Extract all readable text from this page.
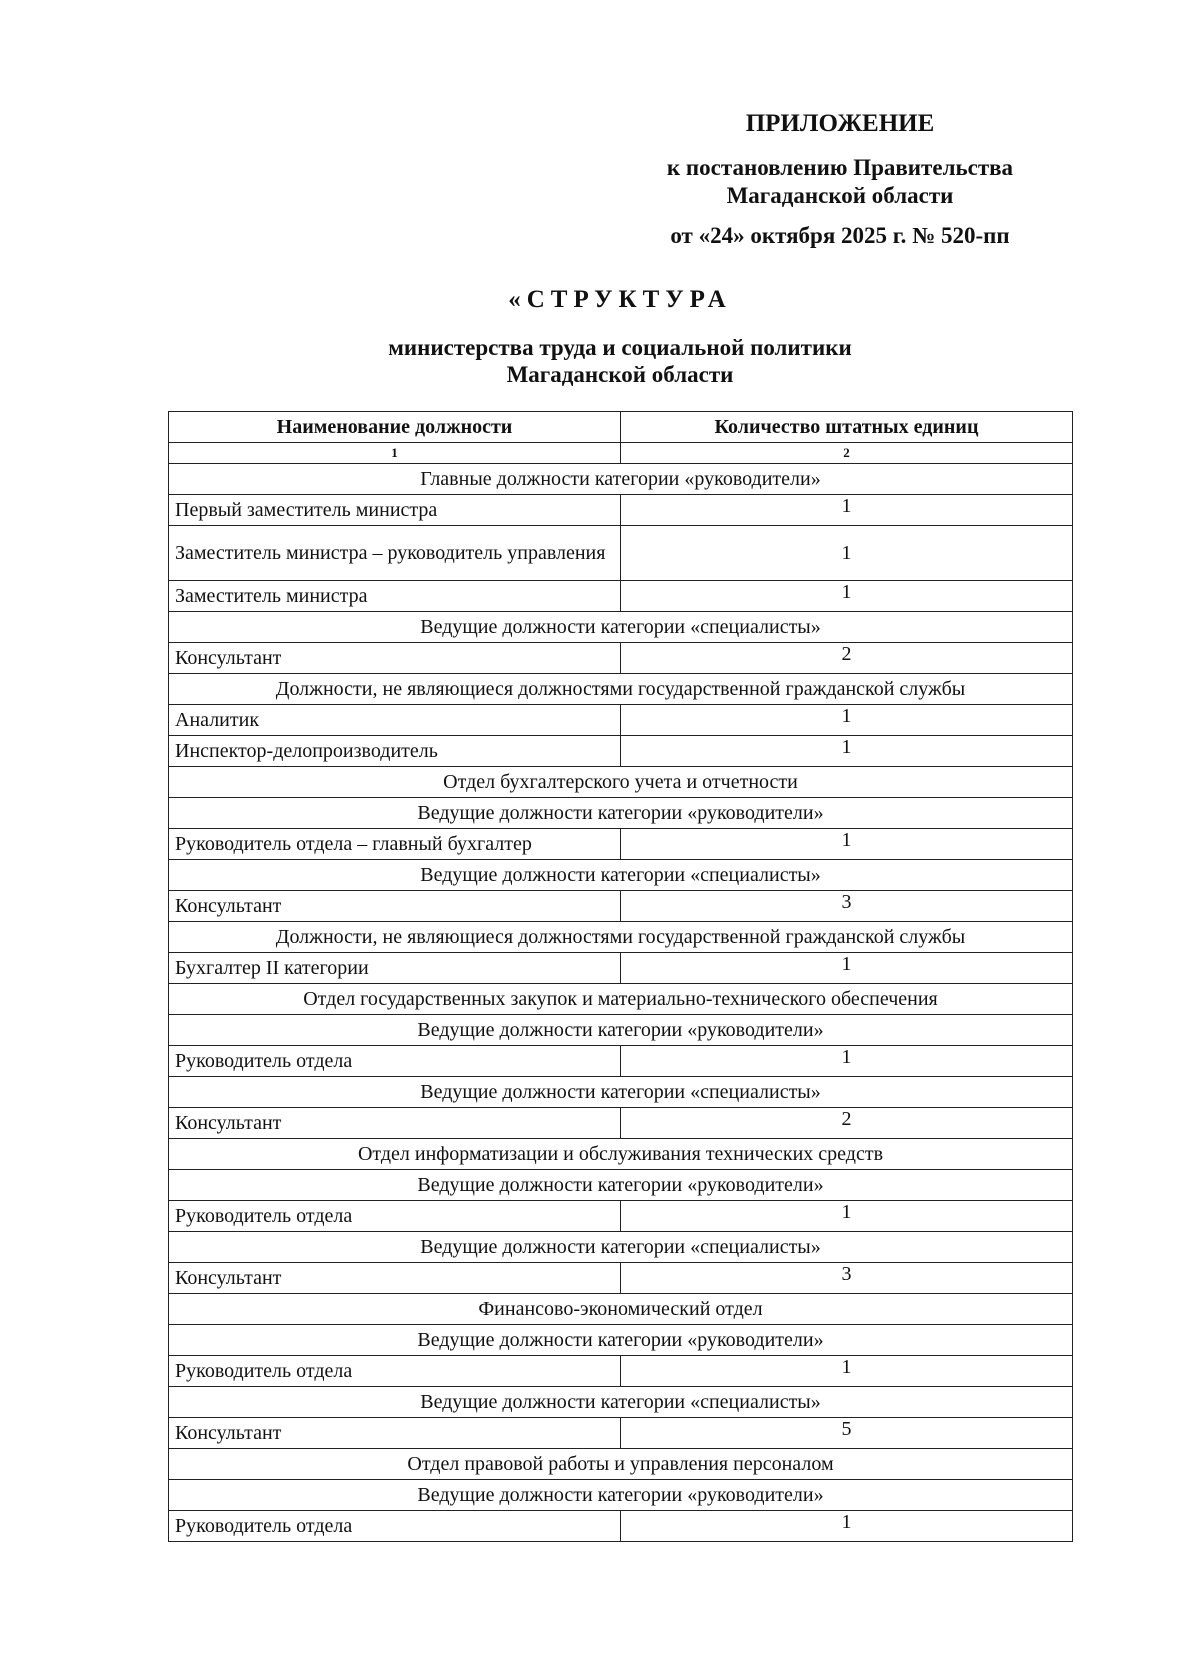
ПРИЛОЖЕНИЕ
к постановлению Правительства
Магаданской области
от «24» октября 2025 г. № 520-пп
«СТРУКТУРА
министерства труда и социальной политики
Магаданской области
Наименование должности	Количество штатных единиц
1	2
Главные должности категории «руководители»	
Первый заместитель министра	1
Заместитель министра – руководитель управления	1
Заместитель министра	1
Ведущие должности категории «специалисты»	
Консультант	2
Должности, не являющиеся должностями государственной гражданской службы	
Аналитик	1
Инспектор-делопроизводитель	1
Отдел бухгалтерского учета и отчетности	
Ведущие должности категории «руководители»	
Руководитель отдела – главный бухгалтер	1
Ведущие должности категории «специалисты»	
Консультант	3
Должности, не являющиеся должностями государственной гражданской службы	
Бухгалтер II категории	1
Отдел государственных закупок и материально-технического обеспечения	
Ведущие должности категории «руководители»	
Руководитель отдела	1
Ведущие должности категории «специалисты»	
Консультант	2
Отдел информатизации и обслуживания технических средств	
Ведущие должности категории «руководители»	
Руководитель отдела	1
Ведущие должности категории «специалисты»	
Консультант	3
Финансово-экономический отдел	
Ведущие должности категории «руководители»	
Руководитель отдела	1
Ведущие должности категории «специалисты»	
Консультант	5
Отдел правовой работы и управления персоналом	
Ведущие должности категории «руководители»	
Руководитель отдела	1
